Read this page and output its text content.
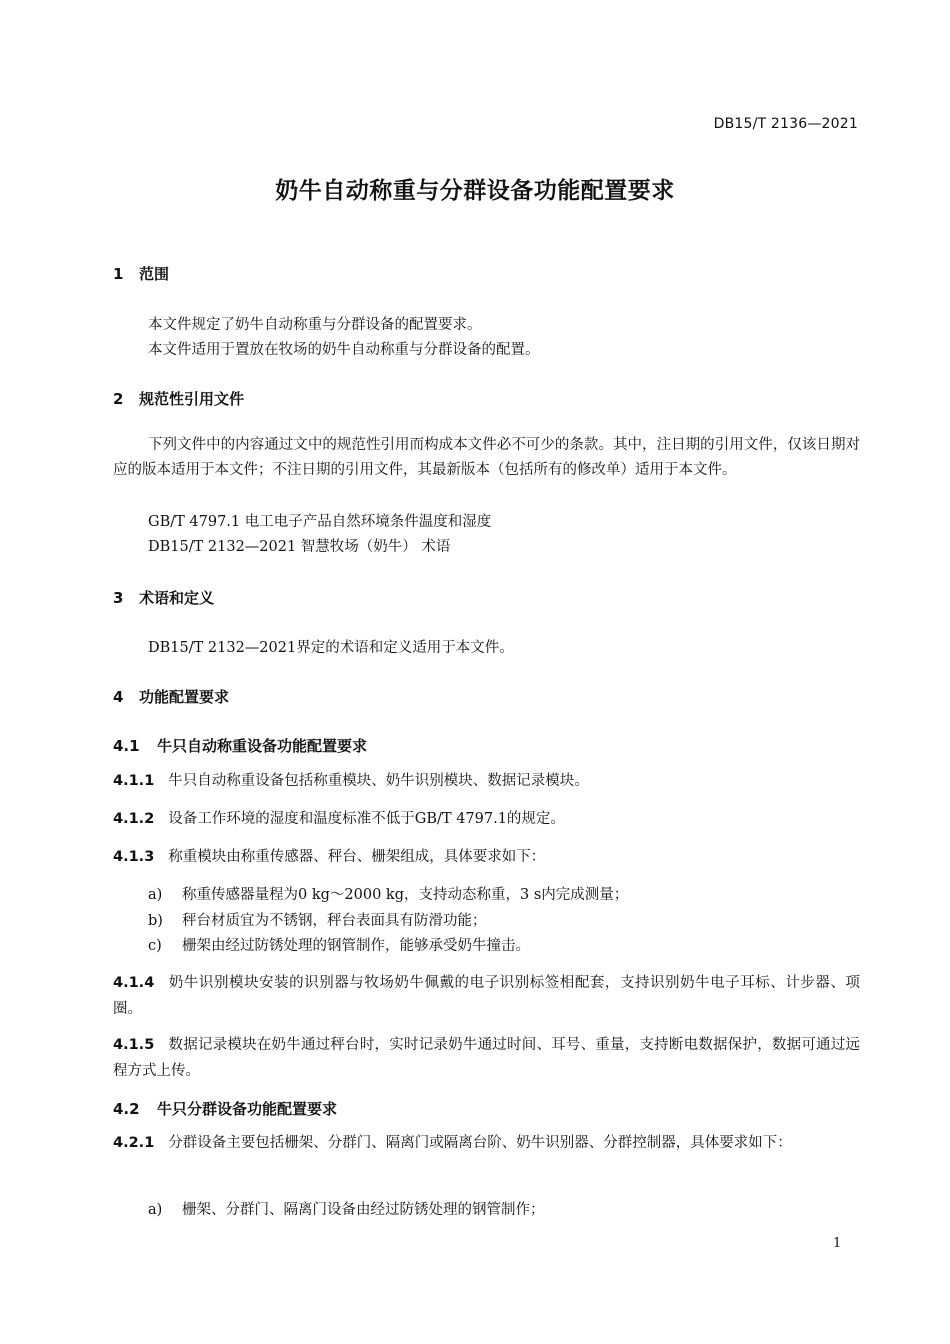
DB15/T 2136—2021
奶牛自动称重与分群设备功能配置要求
1 范围
本文件规定了奶牛自动称重与分群设备的配置要求。
本文件适用于置放在牧场的奶牛自动称重与分群设备的配置。
2 规范性引用文件
下列文件中的内容通过文中的规范性引用而构成本文件必不可少的条款。其中，注日期的引用文件，仅该日期对应的版本适用于本文件；不注日期的引用文件，其最新版本（包括所有的修改单）适用于本文件。
GB/T 4797.1 电工电子产品自然环境条件温度和湿度
DB15/T 2132—2021 智慧牧场（奶牛） 术语
3 术语和定义
DB15/T 2132—2021界定的术语和定义适用于本文件。
4 功能配置要求
4.1 牛只自动称重设备功能配置要求
4.1.1 牛只自动称重设备包括称重模块、奶牛识别模块、数据记录模块。
4.1.2 设备工作环境的湿度和温度标准不低于GB/T 4797.1的规定。
4.1.3 称重模块由称重传感器、秤台、栅架组成，具体要求如下：
a) 称重传感器量程为0 kg～2000 kg，支持动态称重，3 s内完成测量；
b) 秤台材质宜为不锈钢，秤台表面具有防滑功能；
c) 栅架由经过防锈处理的钢管制作，能够承受奶牛撞击。
4.1.4 奶牛识别模块安装的识别器与牧场奶牛佩戴的电子识别标签相配套，支持识别奶牛电子耳标、计步器、项圈。
4.1.5 数据记录模块在奶牛通过秤台时，实时记录奶牛通过时间、耳号、重量，支持断电数据保护，数据可通过远程方式上传。
4.2 牛只分群设备功能配置要求
4.2.1 分群设备主要包括栅架、分群门、隔离门或隔离台阶、奶牛识别器、分群控制器，具体要求如下：
a) 栅架、分群门、隔离门设备由经过防锈处理的钢管制作；
1
